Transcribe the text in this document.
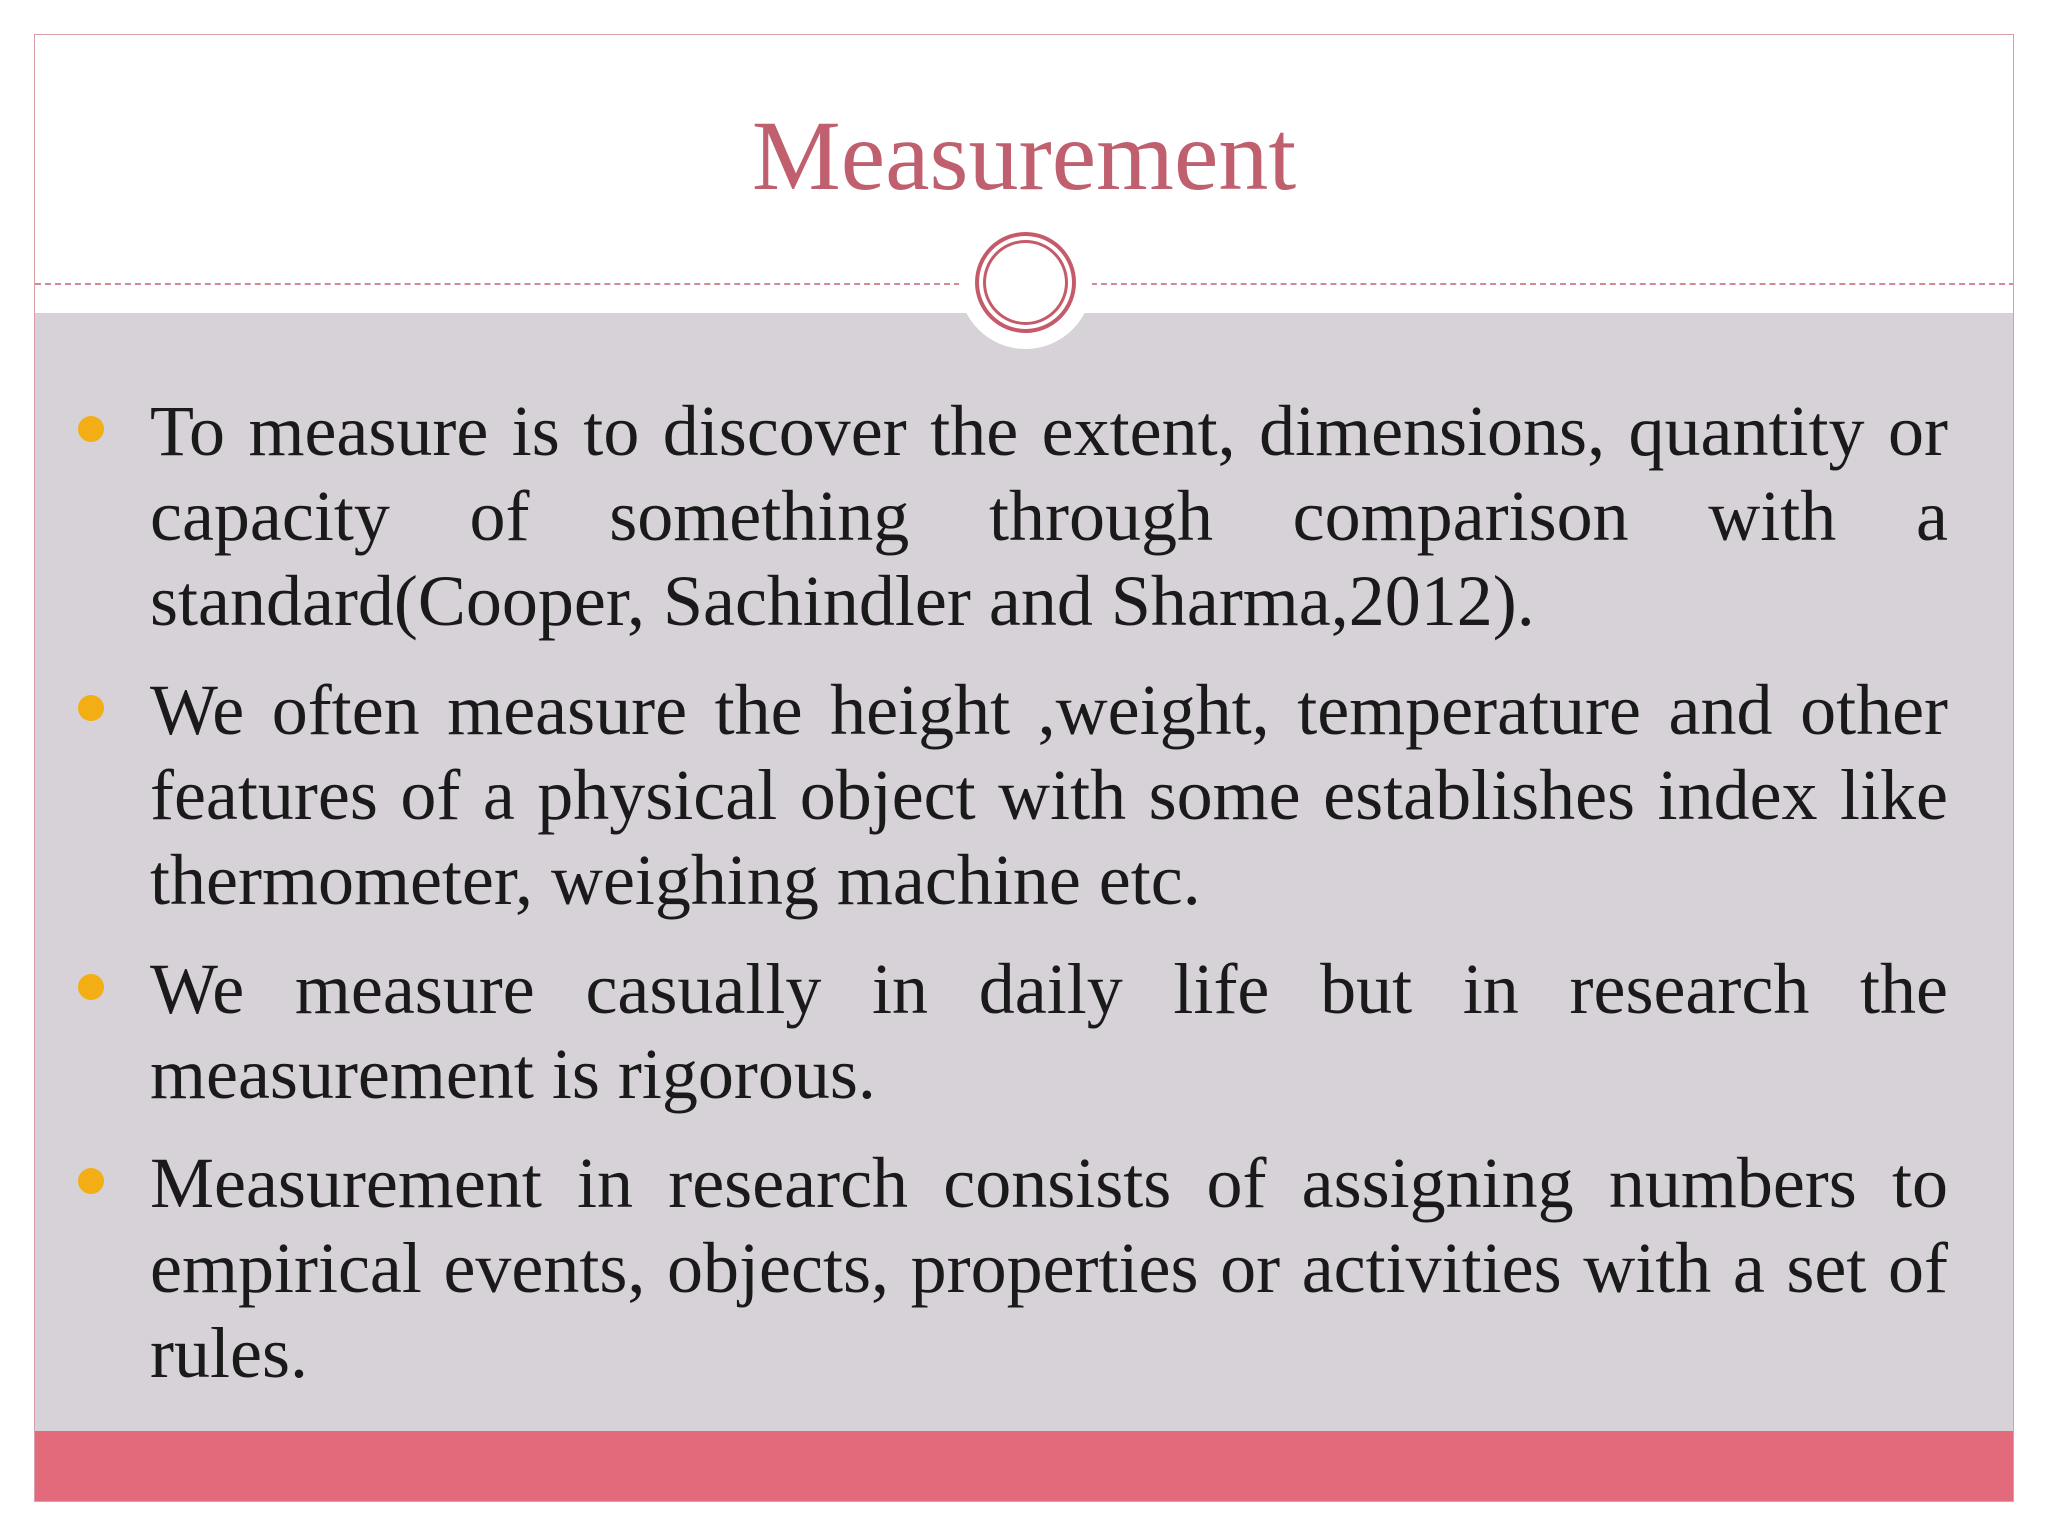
Measurement
To measure is to discover the extent, dimensions, quantity or capacity of something through comparison with a standard(Cooper, Sachindler and Sharma,2012).
We often measure the height ,weight, temperature and other features of a physical object with some establishes index like thermometer, weighing machine etc.
We measure casually in daily life but in research the measurement is rigorous.
Measurement in research consists of assigning numbers to empirical events, objects, properties or activities with a set of rules.
